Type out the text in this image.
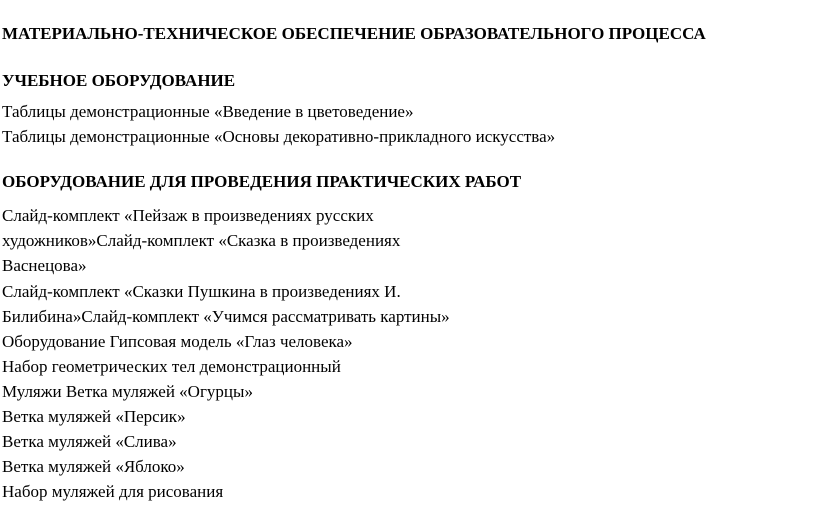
МАТЕРИАЛЬНО-ТЕХНИЧЕСКОЕ ОБЕСПЕЧЕНИЕ ОБРАЗОВАТЕЛЬНОГО ПРОЦЕССА
УЧЕБНОЕ ОБОРУДОВАНИЕ
Таблицы демонстрационные «Введение в цветоведение»
Таблицы демонстрационные «Основы декоративно-прикладного искусства»
ОБОРУДОВАНИЕ ДЛЯ ПРОВЕДЕНИЯ ПРАКТИЧЕСКИХ РАБОТ
Слайд-комплект «Пейзаж в произведениях русских
художников»Слайд-комплект «Сказка в произведениях
Васнецова»
Слайд-комплект «Сказки Пушкина в произведениях И.
Билибина»Слайд-комплект «Учимся рассматривать картины»
Оборудование Гипсовая модель «Глаз человека»
Набор геометрических тел демонстрационный
Муляжи Ветка муляжей «Огурцы»
Ветка муляжей «Персик»
Ветка муляжей «Слива»
Ветка муляжей «Яблоко»
Набор муляжей для рисования
